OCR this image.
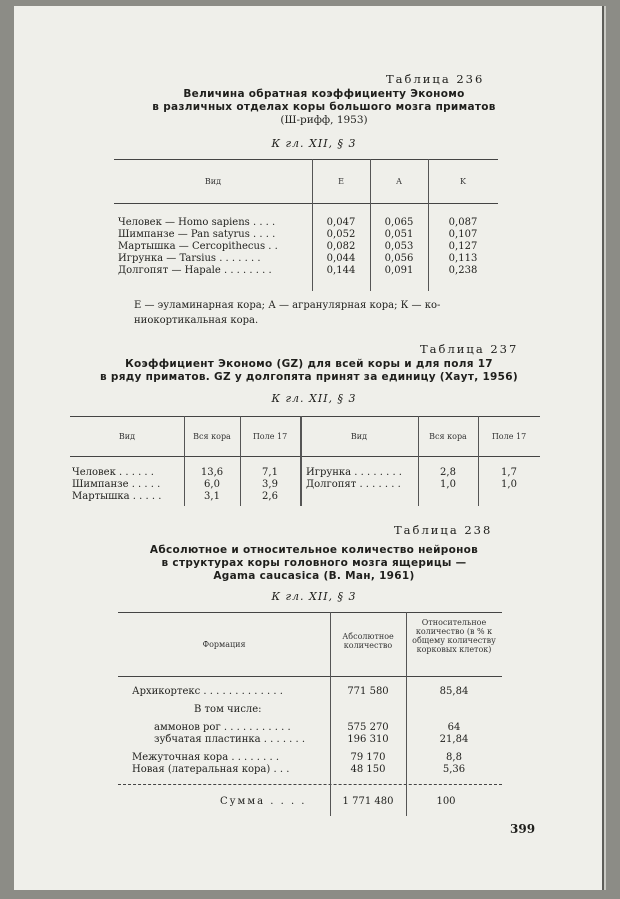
Таблица 236
Величина обратная коэффициенту Экономо
в различных отделах коры большого мозга приматов
(Ш-рифф, 1953)
К гл. XII, § 3
Вид	E	A	K
Человек — Homo sapiens . . . .	0,047	0,065	0,087
Шимпанзе — Pan satyrus . . . .	0,052	0,051	0,107
Мартышка — Cercopithecus . .	0,082	0,053	0,127
Игрунка — Tarsius . . . . . . .	0,044	0,056	0,113
Долгопят — Hapale . . . . . . . .	0,144	0,091	0,238
E — эуламинарная кора; А — агранулярная кора; К — ко-
ниокортикальная кора.
Таблица 237
Коэффициент Экономо (GZ) для всей коры и для поля 17
в ряду приматов. GZ у долгопята принят за единицу (Хаут, 1956)
К гл. XII, § 3
Вид	Вся кора	Поле 17	Вид	Вся кора	Поле 17
Человек . . . . . .	13,6	7,1	Игрунка . . . . . . . .	2,8	1,7
Шимпанзе . . . . .	6,0	3,9	Долгопят . . . . . . .	1,0	1,0
Мартышка . . . . .	3,1	2,6
Таблица 238
Абсолютное и относительное количество нейронов
в структурах коры головного мозга ящерицы —
Agama caucasica (В. Ман, 1961)
К гл. XII, § 3
Формация
Абсолютное количество
Относительное количество (в % к общему количеству корковых клеток)
Архикортекс . . . . . . . . . . . . .	771 580	85,84
В том числе:
аммонов рог . . . . . . . . . . .	575 270	64
зубчатая пластинка . . . . . . .	196 310	21,84
Межуточная кора . . . . . . . .	79 170	8,8
Новая (латеральная кора) . . .	48 150	5,36
Сумма . . . .	1 771 480	100
399
